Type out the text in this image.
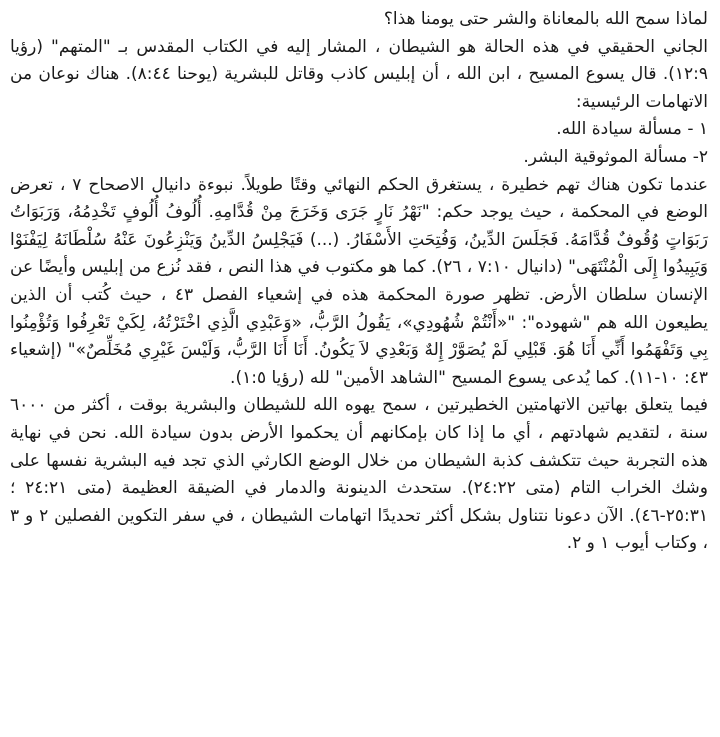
لماذا سمح الله بالمعاناة والشر حتى يومنا هذا؟

الجاني الحقيقي في هذه الحالة هو الشيطان ، المشار إليه في الكتاب المقدس بـ "المتهم" (رؤيا ١٢:٩). قال يسوع المسيح ، ابن الله ، أن إبليس كاذب وقاتل للبشرية (يوحنا ٨:٤٤). هناك نوعان من الاتهامات الرئيسية:

١ - مسألة سيادة الله.

٢- مسألة الموثوقية البشر.

عندما تكون هناك تهم خطيرة ، يستغرق الحكم النهائي وقتًا طويلاً. نبوءة دانيال الاصحاح ٧ ، تعرض الوضع في المحكمة ، حيث يوجد حكم: "نَهْرُ نَارٍ جَرَى وَخَرَجَ مِنْ قُدَّامِهِ. أُلُوفُ أُلُوفٍ تَخْدِمُهُ، وَرَبَوَاتُ رَبَوَاتٍ وُقُوفٌ قُدَّامَهُ. فَجَلَسَ الدِّينُ، وَفُتِحَتِ الأَسْفَارُ. (...) فَيَجْلِسُ الدِّينُ وَيَنْزِعُونَ عَنْهُ سُلْطَانَهُ لِيَفْنَوْا وَيَبِيدُوا إِلَى الْمُنْتَهَى" (دانيال ٧:١٠ ، ٢٦). كما هو مكتوب في هذا النص ، فقد نُزع من إبليس وأيضًا عن الإنسان سلطان الأرض. تظهر صورة المحكمة هذه في إشعياء الفصل ٤٣ ، حيث كُتب أن الذين يطيعون الله هم "شهوده": "«أَنْتُمْ شُهُودِي»، يَقُولُ الرَّبُّ، «وَعَبْدِي الَّذِي اخْتَرْتُهُ، لِكَيْ تَعْرِفُوا وَتُؤْمِنُوا بِي وَتَفْهَمُوا أَنِّي أَنَا هُوَ. قَبْلِي لَمْ يُصَوَّرْ إِلهٌ وَبَعْدِي لاَ يَكُونُ. أَنَا أَنَا الرَّبُّ، وَلَيْسَ غَيْرِي مُخَلِّصٌ»" (إشعياء ٤٣: ١٠-١١). كما يُدعى يسوع المسيح "الشاهد الأمين" لله (رؤيا ١:٥).

فيما يتعلق بهاتين الاتهامتين الخطيرتين ، سمح يهوه الله للشيطان والبشرية بوقت ، أكثر من ٦٠٠٠ سنة ، لتقديم شهادتهم ، أي ما إذا كان بإمكانهم أن يحكموا الأرض بدون سيادة الله. نحن في نهاية هذه التجربة حيث تتكشف كذبة الشيطان من خلال الوضع الكارثي الذي تجد فيه البشرية نفسها على وشك الخراب التام (متى ٢٤:٢٢). ستحدث الدينونة والدمار في الضيقة العظيمة (متى ٢٤:٢١ ؛ ٢٥:٣١-٤٦). الآن دعونا نتناول بشكل أكثر تحديدًا اتهامات الشيطان ، في سفر التكوين الفصلين ٢ و ٣ ، وكتاب أيوب ١ و ٢.
